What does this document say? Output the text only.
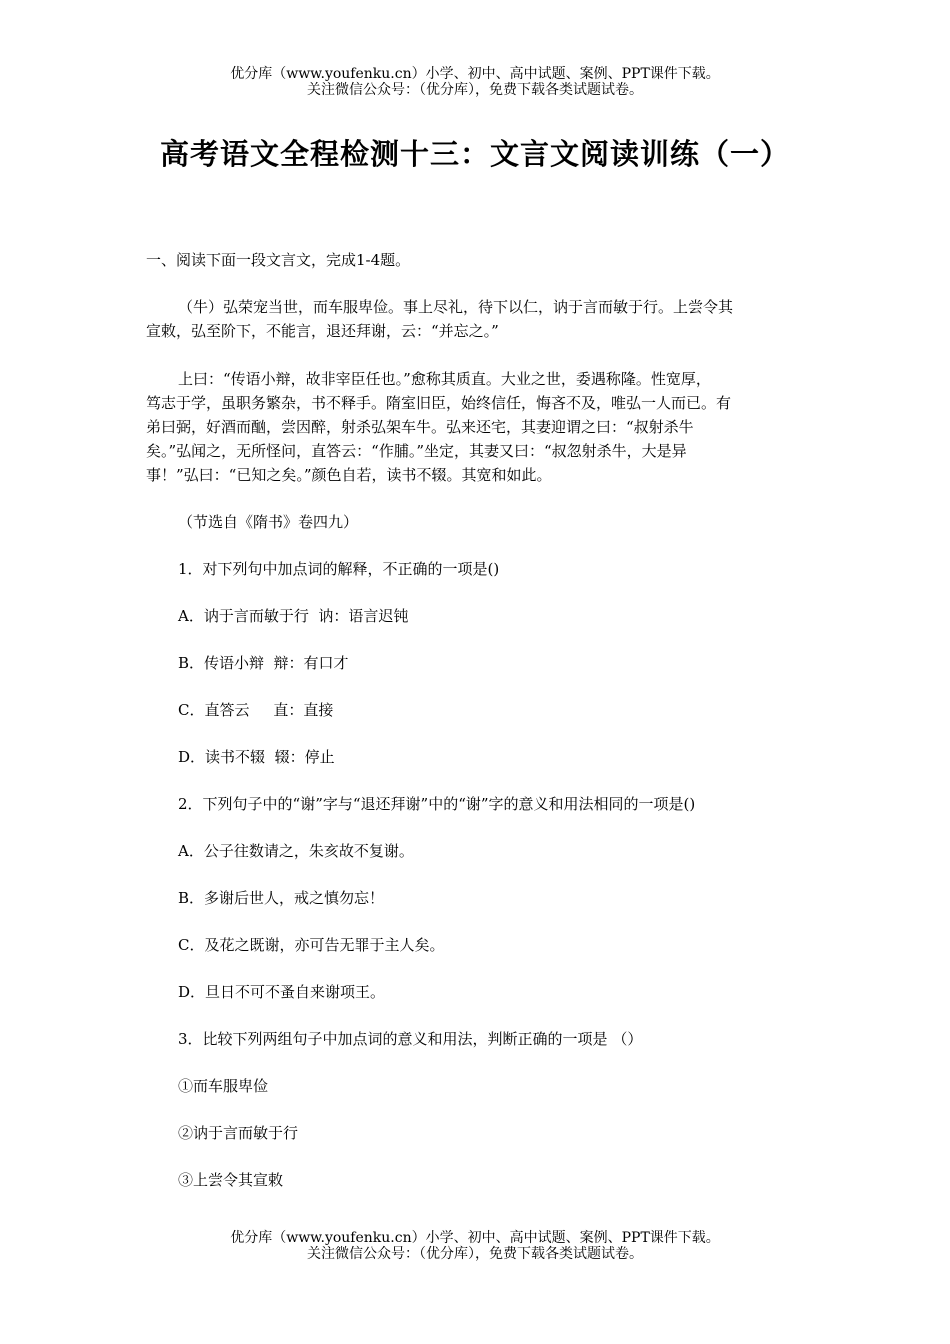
优分库（www.youfenku.cn）小学、初中、高中试题、案例、PPT课件下载。
关注微信公众号：（优分库），免费下载各类试题试卷。
高考语文全程检测十三：文言文阅读训练（一）
一、阅读下面一段文言文，完成1-4题。
（牛）弘荣宠当世，而车服卑俭。事上尽礼，待下以仁，讷于言而敏于行。上尝令其
宣敕，弘至阶下，不能言，退还拜谢，云：“并忘之。”
上曰：“传语小辩，故非宰臣任也。”愈称其质直。大业之世，委遇称隆。性宽厚，
笃志于学，虽职务繁杂，书不释手。隋室旧臣，始终信任，悔吝不及，唯弘一人而已。有
弟曰弼，好酒而酗，尝因醉，射杀弘架车牛。弘来还宅，其妻迎谓之曰：“叔射杀牛
矣。”弘闻之，无所怪问，直答云：“作脯。”坐定，其妻又曰：“叔忽射杀牛，大是异
事！”弘曰：“已知之矣。”颜色自若，读书不辍。其宽和如此。
（节选自《隋书》卷四九）
1．对下列句中加点词的解释，不正确的一项是()
A．讷于言而敏于行  讷：语言迟钝
B．传语小辩  辩：有口才
C．直答云     直：直接
D．读书不辍  辍：停止
2．下列句子中的“谢”字与“退还拜谢”中的“谢”字的意义和用法相同的一项是()
A．公子往数请之，朱亥故不复谢。
B．多谢后世人，戒之慎勿忘！
C．及花之既谢，亦可告无罪于主人矣。
D．旦日不可不蚤自来谢项王。
3．比较下列两组句子中加点词的意义和用法，判断正确的一项是 （）
①而车服卑俭
②讷于言而敏于行
③上尝令其宣敕
优分库（www.youfenku.cn）小学、初中、高中试题、案例、PPT课件下载。
关注微信公众号：（优分库），免费下载各类试题试卷。
